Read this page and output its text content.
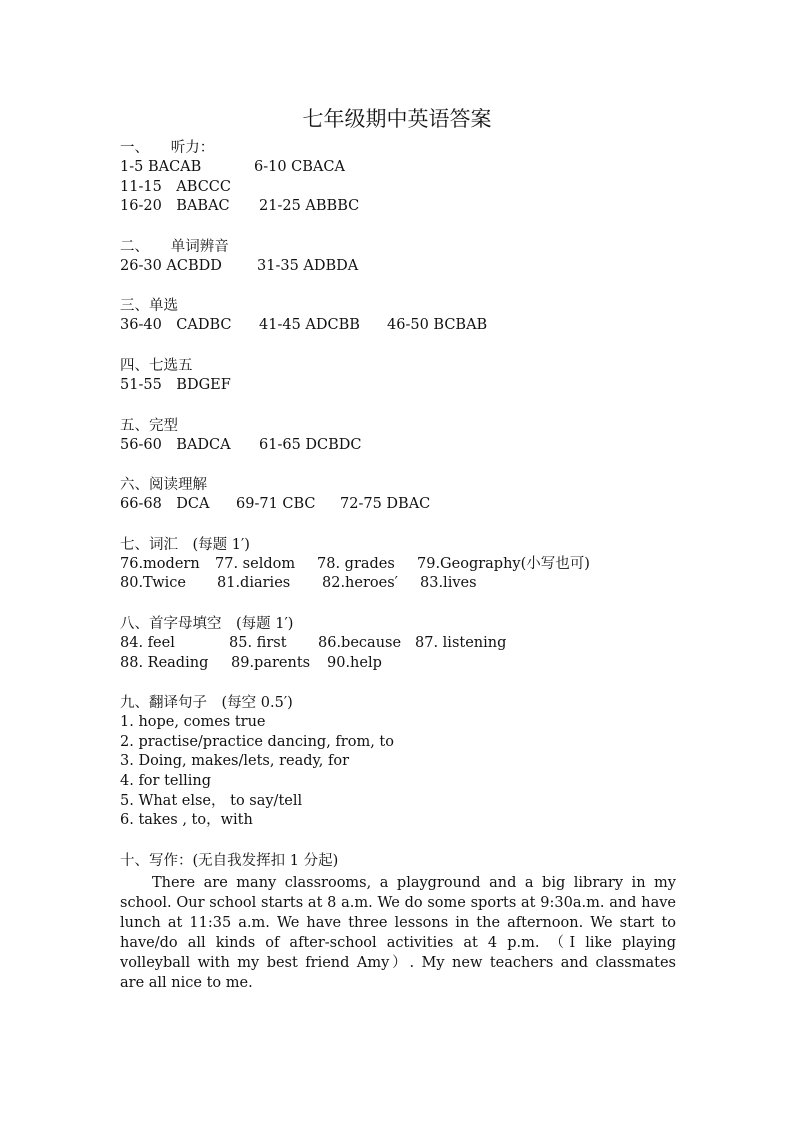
七年级期中英语答案
一、　　听力：
1-5 BACAB	6-10 CBACA
11-15　ABCCC
16-20　BABAC 21-25 ABBBC
二、　　单词辨音
26-30 ACBDD 31-35 ADBDA
三、单选
36-40　CADBC 41-45 ADCBB 46-50 BCBAB
四、七选五
51-55　BDGEF
五、完型
56-60　BADCA 61-65 DCBDC
六、阅读理解
66-68　DCA 69-71 CBC 72-75 DBAC
七、词汇　(每题 1′)
76.modern 77. seldom 78. grades 79.Geography(小写也可)
80.Twice 81.diaries 82.heroes′ 83.lives
八、首字母填空　(每题 1′)
84. feel	85. first 86.because 87. listening
88. Reading 89.parents 90.help
九、翻译句子　(每空 0.5′)
1. hope, comes true
2. practise/practice dancing, from, to
3. Doing, makes/lets, ready, for
4. for telling
5. What else， to say/tell
6. takes , to，with
十、写作：(无自我发挥扣 1 分起)
There are many classrooms, a playground and a big library in my
school. Our school starts at 8 a.m. We do some sports at 9:30a.m. and have
lunch at 11:35 a.m. We have three lessons in the afternoon. We start to
have/do all kinds of after-school activities at 4 p.m. （I like playing
volleyball with my best friend Amy）. My new teachers and classmates
are all nice to me.
